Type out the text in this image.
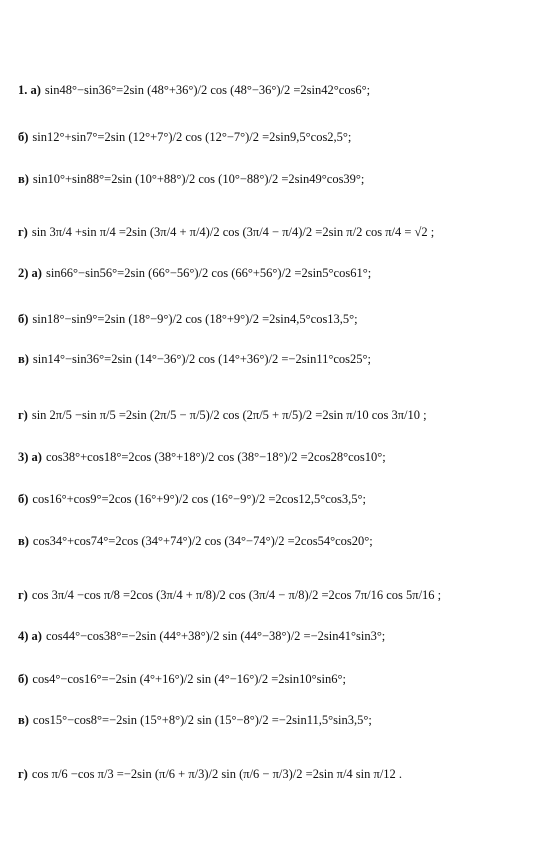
1. а) sin48°−sin36°=2sin (48°+36°)/2 cos (48°−36°)/2 =2sin42°cos6°;
б) sin12°+sin7°=2sin (12°+7°)/2 cos (12°−7°)/2 =2sin9,5°cos2,5°;
в) sin10°+sin88°=2sin (10°+88°)/2 cos (10°−88°)/2 =2sin49°cos39°;
г) sin 3π/4 +sin π/4 =2sin (3π/4 + π/4)/2 cos (3π/4 − π/4)/2 =2sin π/2 cos π/4 = √2 ;
2) а) sin66°−sin56°=2sin (66°−56°)/2 cos (66°+56°)/2 =2sin5°cos61°;
б) sin18°−sin9°=2sin (18°−9°)/2 cos (18°+9°)/2 =2sin4,5°cos13,5°;
в) sin14°−sin36°=2sin (14°−36°)/2 cos (14°+36°)/2 =−2sin11°cos25°;
г) sin 2π/5 −sin π/5 =2sin (2π/5 − π/5)/2 cos (2π/5 + π/5)/2 =2sin π/10 cos 3π/10 ;
3) а) cos38°+cos18°=2cos (38°+18°)/2 cos (38°−18°)/2 =2cos28°cos10°;
б) cos16°+cos9°=2cos (16°+9°)/2 cos (16°−9°)/2 =2cos12,5°cos3,5°;
в) cos34°+cos74°=2cos (34°+74°)/2 cos (34°−74°)/2 =2cos54°cos20°;
г) cos 3π/4 −cos π/8 =2cos (3π/4 + π/8)/2 cos (3π/4 − π/8)/2 =2cos 7π/16 cos 5π/16 ;
4) а) cos44°−cos38°=−2sin (44°+38°)/2 sin (44°−38°)/2 =−2sin41°sin3°;
б) cos4°−cos16°=−2sin (4°+16°)/2 sin (4°−16°)/2 =2sin10°sin6°;
в) cos15°−cos8°=−2sin (15°+8°)/2 sin (15°−8°)/2 =−2sin11,5°sin3,5°;
г) cos π/6 −cos π/3 =−2sin (π/6 + π/3)/2 sin (π/6 − π/3)/2 =2sin π/4 sin π/12 .
